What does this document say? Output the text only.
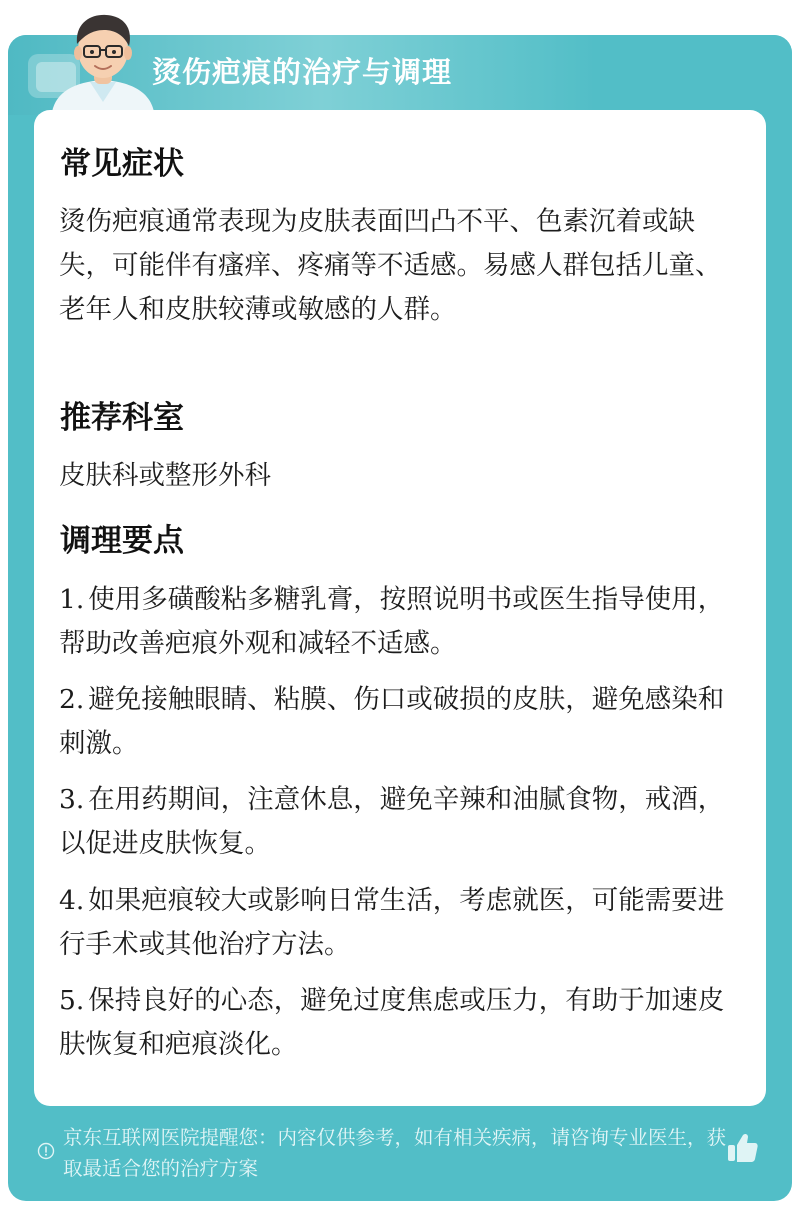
烫伤疤痕的治疗与调理
常见症状
烫伤疤痕通常表现为皮肤表面凹凸不平、色素沉着或缺失，可能伴有瘙痒、疼痛等不适感。易感人群包括儿童、老年人和皮肤较薄或敏感的人群。
推荐科室
皮肤科或整形外科
调理要点
1. 使用多磺酸粘多糖乳膏，按照说明书或医生指导使用，帮助改善疤痕外观和减轻不适感。
2. 避免接触眼睛、粘膜、伤口或破损的皮肤，避免感染和刺激。
3. 在用药期间，注意休息，避免辛辣和油腻食物，戒酒，以促进皮肤恢复。
4. 如果疤痕较大或影响日常生活，考虑就医，可能需要进行手术或其他治疗方法。
5. 保持良好的心态，避免过度焦虑或压力，有助于加速皮肤恢复和疤痕淡化。
京东互联网医院提醒您：内容仅供参考，如有相关疾病，请咨询专业医生，获取最适合您的治疗方案
